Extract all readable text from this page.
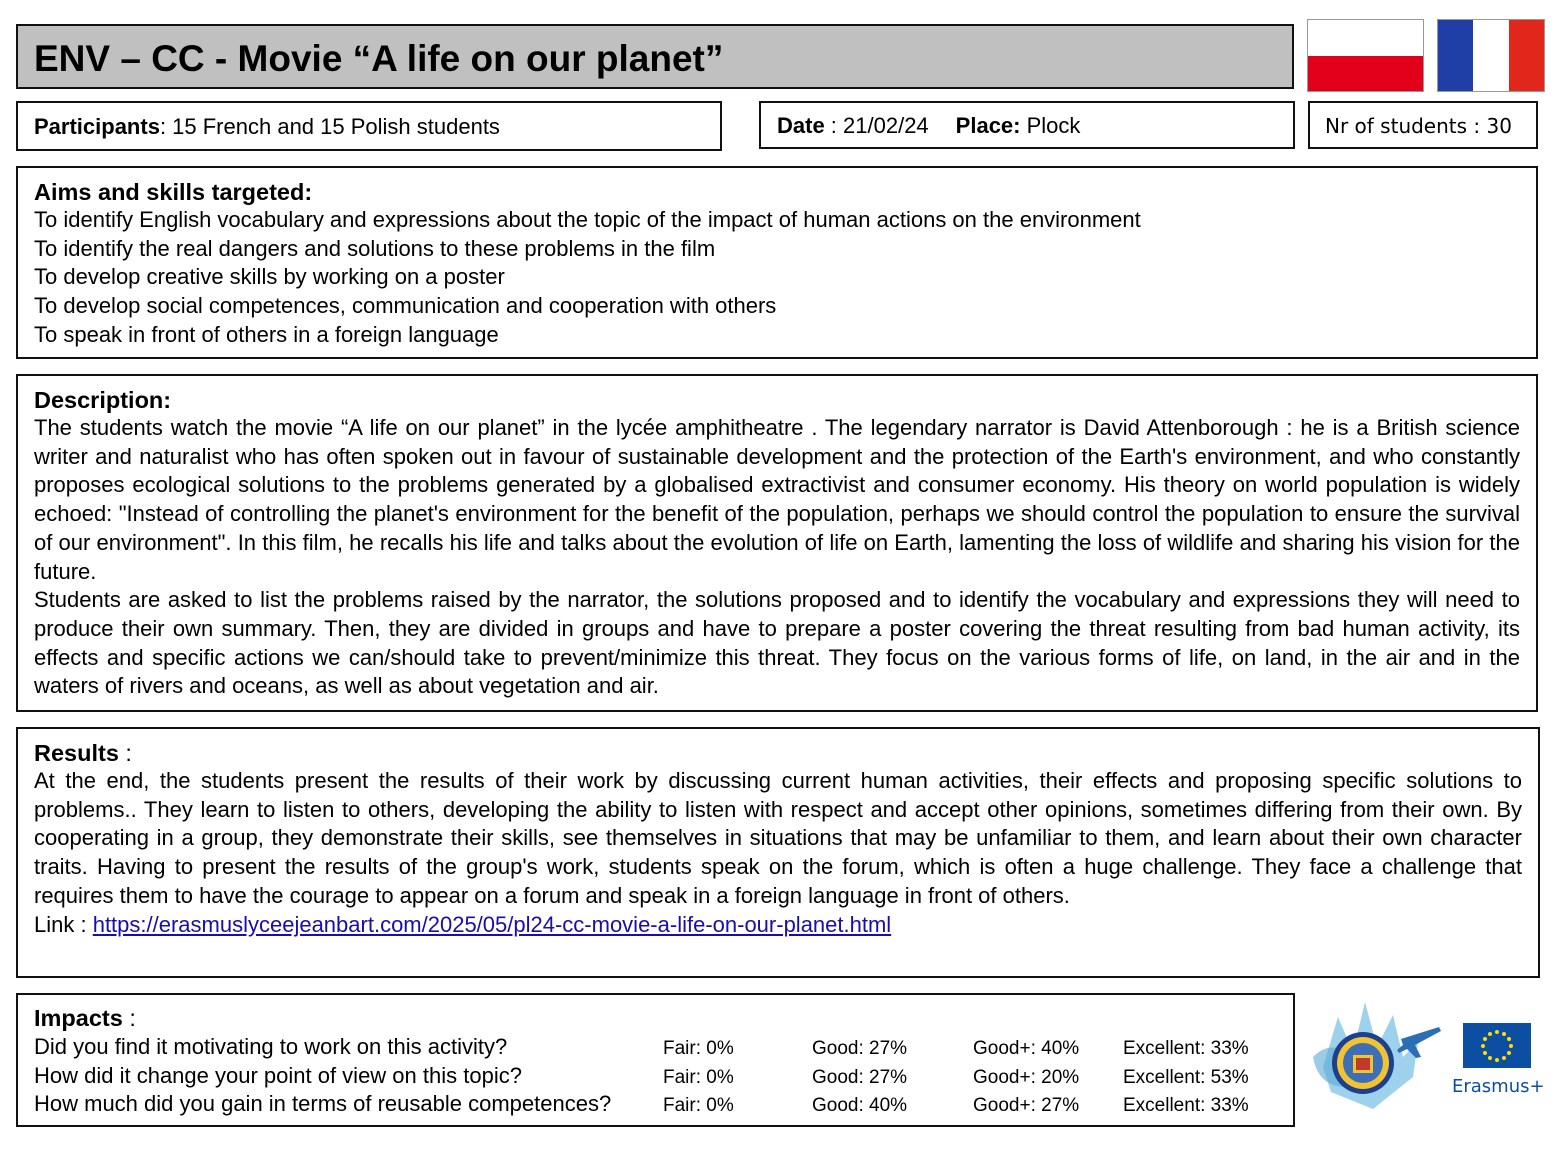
ENV – CC - Movie “A life on our planet”
Participants: 15 French and 15 Polish students	Date : 21/02/24 Place: Plock	Nr of students : 30
Aims and skills targeted:
To identify English vocabulary and expressions about the topic of the impact of human actions on the environment
To identify the real dangers and solutions to these problems in the film
To develop creative skills by working on a poster
To develop social competences, communication and cooperation with others
To speak in front of others in a foreign language
Description:

The students watch the movie “A life on our planet” in the lycée amphitheatre . The legendary narrator is David Attenborough : he is a British science writer and naturalist who has often spoken out in favour of sustainable development and the protection of the Earth's environment, and who constantly proposes ecological solutions to the problems generated by a globalised extractivist and consumer economy. His theory on world population is widely echoed: "Instead of controlling the planet's environment for the benefit of the population, perhaps we should control the population to ensure the survival of our environment". In this film, he recalls his life and talks about the evolution of life on Earth, lamenting the loss of wildlife and sharing his vision for the future.

Students are asked to list the problems raised by the narrator, the solutions proposed and to identify the vocabulary and expressions they will need to produce their own summary. Then, they are divided in groups and have to prepare a poster covering the threat resulting from bad human activity, its effects and specific actions we can/should take to prevent/minimize this threat. They focus on the various forms of life, on land, in the air and in the waters of rivers and oceans, as well as about vegetation and air.

Results :

At the end, the students present the results of their work by discussing current human activities, their effects and proposing specific solutions to problems.. They learn to listen to others, developing the ability to listen with respect and accept other opinions, sometimes differing from their own. By cooperating in a group, they demonstrate their skills, see themselves in situations that may be unfamiliar to them, and learn about their own character traits. Having to present the results of the group's work, students speak on the forum, which is often a huge challenge. They face a challenge that requires them to have the courage to appear on a forum and speak in a foreign language in front of others.

Link : https://erasmuslyceejeanbart.com/2025/05/pl24-cc-movie-a-life-on-our-planet.html
Impacts :
Did you find it motivating to work on this activity?	Fair: 0%	Good: 27%	Good+: 40% Excellent: 33%
How did it change your point of view on this topic?	Fair: 0%	Good: 27%	Good+: 20% Excellent: 53%
How much did you gain in terms of reusable competences?	Fair: 0%	Good: 40%	Good+: 27% Excellent: 33%
Erasmus+
